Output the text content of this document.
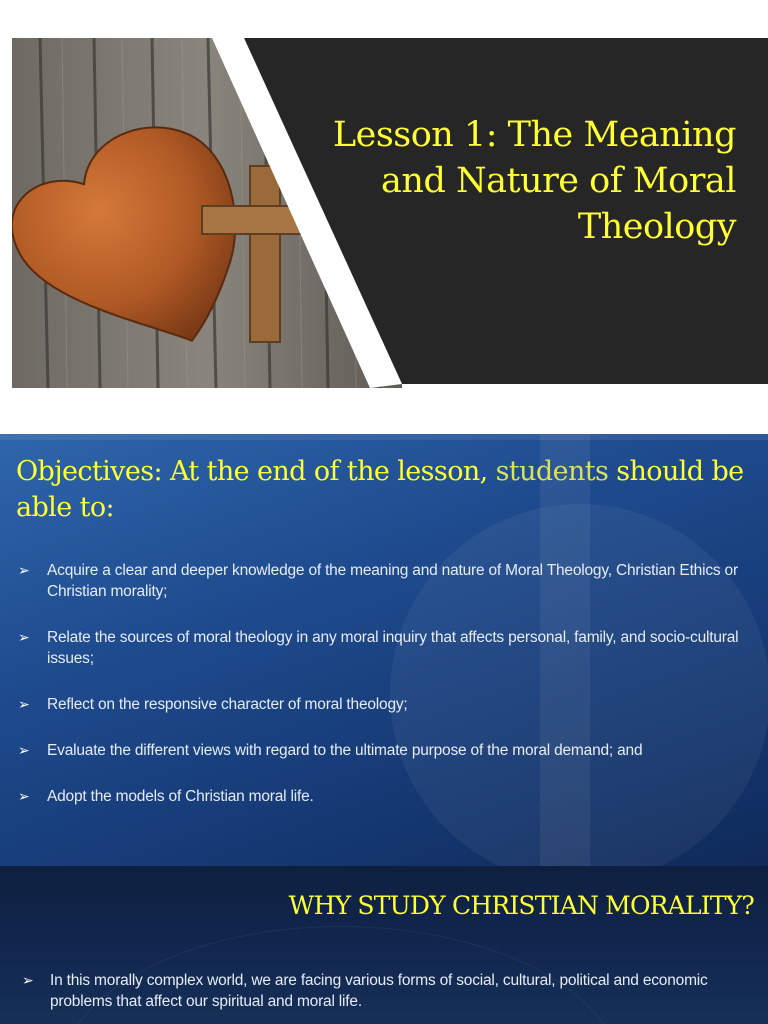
Lesson 1: The Meaning and Nature of Moral Theology
Objectives: At the end of the lesson, students should be able to:
➢ Acquire a clear and deeper knowledge of the meaning and nature of Moral Theology, Christian Ethics or Christian morality;
➢ Relate the sources of moral theology in any moral inquiry that affects personal, family, and socio-cultural issues;
➢ Reflect on the responsive character of moral theology;
➢ Evaluate the different views with regard to the ultimate purpose of the moral demand; and
➢ Adopt the models of Christian moral life.
WHY STUDY CHRISTIAN MORALITY?
➢ In this morally complex world, we are facing various forms of social, cultural, political and economic problems that affect our spiritual and moral life.
